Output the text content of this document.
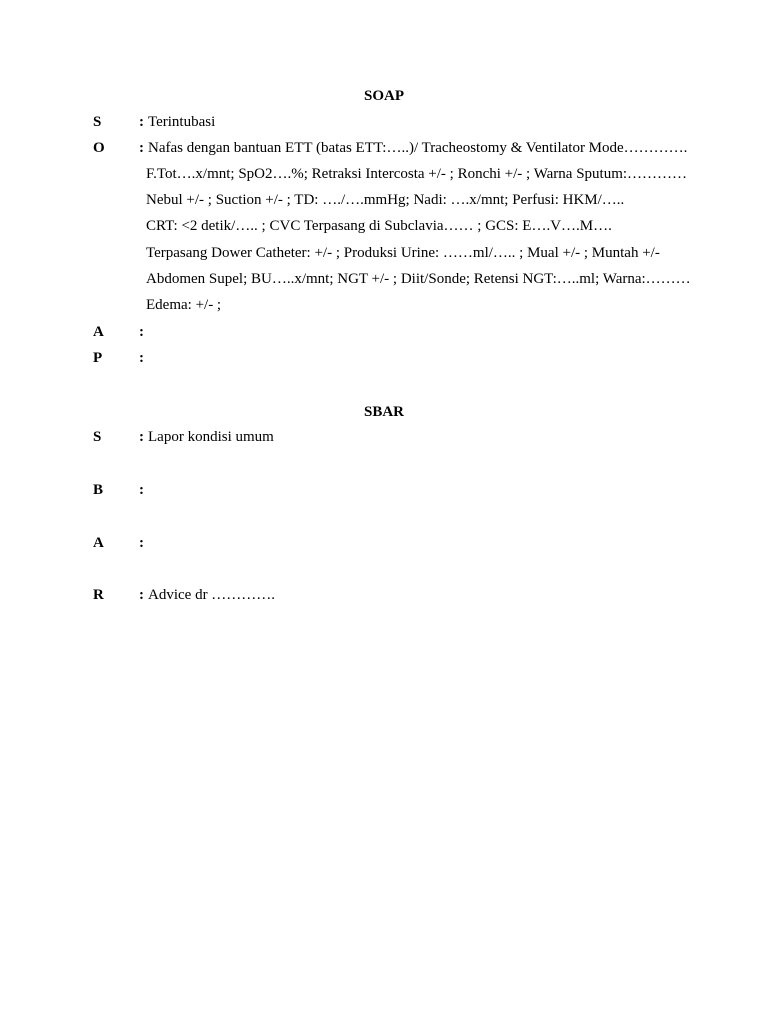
SOAP
S	: Terintubasi
O : Nafas dengan bantuan ETT (batas ETT:…..)/ Tracheostomy & Ventilator Mode………….
F.Tot….x/mnt; SpO2….%; Retraksi Intercosta +/- ; Ronchi +/- ; Warna Sputum:…………
Nebul +/- ; Suction +/- ; TD: …./….mmHg; Nadi: ….x/mnt; Perfusi: HKM/…..
CRT: <2 detik/….. ; CVC Terpasang di Subclavia…… ; GCS: E….V….M….
Terpasang Dower Catheter: +/- ; Produksi Urine: ……ml/….. ; Mual +/- ; Muntah +/-
Abdomen Supel; BU…..x/mnt; NGT +/- ; Diit/Sonde; Retensi NGT:…..ml; Warna:………
Edema: +/- ;
A :
P :
SBAR
S	: Lapor kondisi umum
B :
A :
R : Advice dr ………….
